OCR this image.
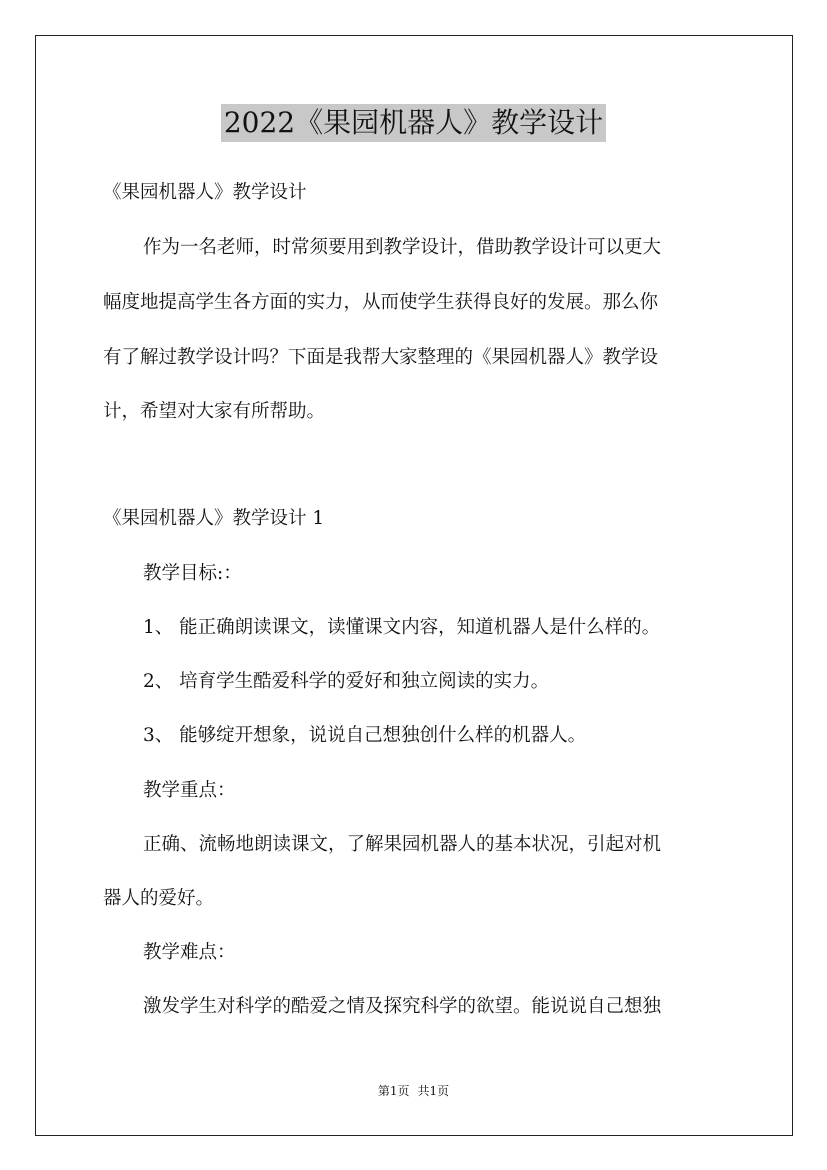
2022《果园机器人》教学设计
《果园机器人》教学设计
作为一名老师，时常须要用到教学设计，借助教学设计可以更大
幅度地提高学生各方面的实力，从而使学生获得良好的发展。那么你
有了解过教学设计吗？下面是我帮大家整理的《果园机器人》教学设
计，希望对大家有所帮助。
《果园机器人》教学设计 1
教学目标:：
1、 能正确朗读课文，读懂课文内容，知道机器人是什么样的。
2、 培育学生酷爱科学的爱好和独立阅读的实力。
3、 能够绽开想象，说说自己想独创什么样的机器人。
教学重点：
正确、流畅地朗读课文，了解果园机器人的基本状况，引起对机
器人的爱好。
教学难点：
激发学生对科学的酷爱之情及探究科学的欲望。能说说自己想独
第1页 共1页
